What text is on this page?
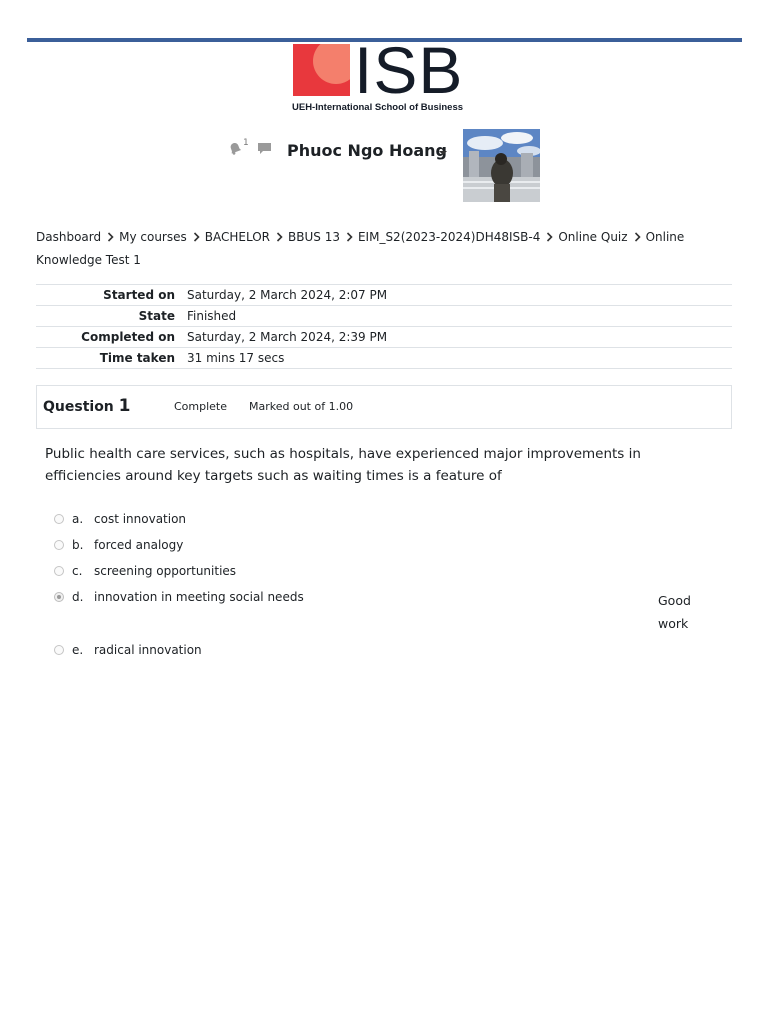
ISB
UEH-International School of Business
1 Phuoc Ngo Hoang
Dashboard My courses BACHELOR BBUS 13 EIM_S2(2023-2024)DH48ISB-4 Online Quiz Online Knowledge Test 1
Started on	Saturday, 2 March 2024, 2:07 PM
State	Finished
Completed on	Saturday, 2 March 2024, 2:39 PM
Time taken	31 mins 17 secs
Question 1	Complete Marked out of 1.00
Public health care services, such as hospitals, have experienced major improvements in efficiencies around key targets such as waiting times is a feature of
a. cost innovation
b. forced analogy
c. screening opportunities
d. innovation in meeting social needs	Good work
e. radical innovation
